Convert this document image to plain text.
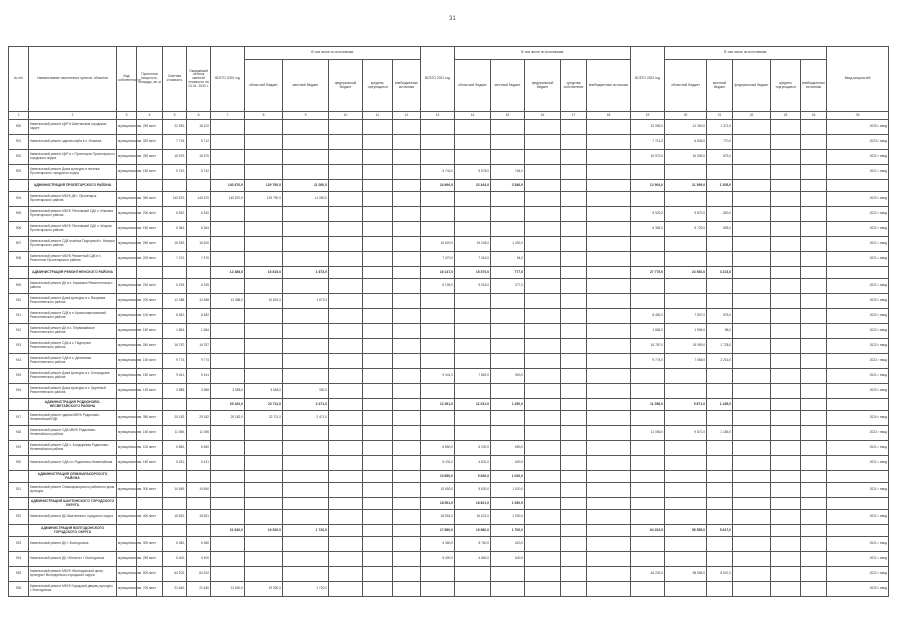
31
№ п/п	Наименование населенных пунктов, объектов	Вид собственности	Проектная мощность, площадь, кв. м	Сметная стоимость	Ожидаемый остаток сметной стоимости на 01.01. 2020 г.	ВСЕГО 2020 год	В том числе по источникам:					ВСЕГО 2021 год	В том числе по источникам:					ВСЕГО 2022 год	В том числе по источникам:					Ввод мощностей
							областной бюджет	местный бюджет	федеральный бюджет	кредиты, торгующиеся	внебюджетные источники		областной бюджет	местный бюджет	федеральный бюджет	средства собственные	внебюджетные источники		областной бюджет	местный бюджет	федеральный бюджет	кредиты торгующиеся	внебюджетные источники	
1	2	3	4	5	6	7	8	9	10	11	12	13	14	15	16	17	18	19	20	21	22	23	24	25
900	Капитальный ремонт ЦКР в Шахтинском городском округе	муниципальная	250 мест	22 952,	18 102													22 955,0	21 050,0	1 371,5				2025 г. ввод
901	Капитальный ремонт здания клуба в х. Ильинка	муниципальная	320 мест	7 715,	5 712													7 714,0	6 845,0	770,0				2023 г. ввод
902	Капитальный ремонт ЦКР в г. Пролетарск Пролетарского городского округа	муниципальная	250 мест	16 970,	16 970													16 970,0	16 095,0	875,0				2022 г. ввод
903	Капитальный ремонт Дома культуры в поселке Пролетарского городского округа	муниципальная	150 мест	5 742,	5 742							5 742,0	5 978,0	764,0										2021 г. ввод
	АДМИНИСТРАЦИЯ ПРОЛЕТАРСКОГО РАЙОНА					140 870,0	129 790,0	11 080,0				24 990,0	22 444,0	2 546,0				12 904,0	11 599,0	1 305,0				
904	Капитальный ремонт МБУК ДК г. Пролетарск Пролетарского района	муниципальная	350 мест	140 870,	140 870	140 870,0	129 790,0	11 080,0																2020 г. ввод
905	Капитальный ремонт МБУК Тёпловский СДК х. Ильинка Пролетарского района	муниципальная	200 мест	6 520,	6 520													6 520,0	5 870,0	650,0				2022 г. ввод
906	Капитальный ремонт МБУК Тёпловский СДК х. Мокрая Пролетарского района	муниципальная	150 мест	6 384,	6 384													6 384,0	5 729,0	655,0				2022 г. ввод
907	Капитальный ремонт СДК посёлка Подгорный х. Нагорье Пролетарского района	муниципальная	250 мест	16 520,	16 520							16 520,0	15 028,0	1 492,0										2021 г. ввод
908	Капитальный ремонт МБУК Ремонтный СДК в х. Ремонтное Пролетарского района	муниципальная	200 мест	7 470,	7 470							7 470,0	7 416,0	54,0										2021 г. ввод
	АДМИНИСТРАЦИЯ РЕМОНТНЕНСКОГО РАЙОНА					12 488,0	10 815,0	1 673,0				16 147,0	15 370,0	777,0				27 775,0	24 552,0	3 223,0				
909	Капитальный ремонт ДК в с. Кормовое Ремонтненского района	муниципальная	220 мест	6 195,	6 195							6 195,0	5 918,0	277,0										2021 г. ввод
910	Капитальный ремонт Дома культуры в с. Валуевка Ремонтненского района	муниципальная	200 мест	12 488,	12 488	12 488,0	10 815,0	1 673,0																2020 г. ввод
911	Капитальный ремонт СДК в п. Краснопартизанский Ремонтненского района	муниципальная	100 мест	8 482,	8 482													8 482,0	7 807,0	675,0				2022 г. ввод
912	Капитальный ремонт ДК в с. Первомайское Ремонтненского района	муниципальная	150 мест	1 684,	1 684													1 684,0	1 596,0	88,0				2022 г. ввод
913	Капитальный ремонт СДК в с. Подгорное Ремонтненского района	муниципальная	240 мест	16 787,	16 787													16 787,0	15 059,0	1 728,0				2022 г. ввод
914	Капитальный ремонт СДК в с. Денисовка Ремонтненского района	муниципальная	100 мест	9 774,	9 774													9 774,0	7 558,0	2 216,0				2022 г. ввод
915	Капитальный ремонт Дома культуры в с. Богородское Ремонтненского района	муниципальная	150 мест	9 441,	9 441							9 441,0	7 852,0	500,0										2021 г. ввод
916	Капитальный ремонт Дома культуры в х. Кручёный Ремонтненского района	муниципальная	120 мест	3 988,	3 988	3 988,0	3 658,0	330,0																2020 г. ввод
	АДМИНИСТРАЦИЯ РОДИОНОВО-НЕСВЕТАЙСКОГО РАЙОНА					25 182,0	22 711,0	2 471,0				12 281,0	11 031,0	1 250,0				11 056,0	9 871,0	1 185,0				
917	Капитальный ремонт здания МБУК Родионово-Несветайский РДК	муниципальная	350 мест	25 182,	25 182	25 182,0	22 711,0	2 471,0																2020 г. ввод
918	Капитальный ремонт СДК МБУК Родионово-Несветайского района	муниципальная	150 мест	11 056,	11 056													11 056,0	9 871,0	1 185,0				2022 г. ввод
919	Капитальный ремонт СДК х. Болдыревка Родионово-Несветайского района	муниципальная	100 мест	6 850,	6 850							6 850,0	6 200,0	650,0										2021 г. ввод
920	Капитальный ремонт СДК сл. Родионово-Несветайская	муниципальная	150 мест	5 431,	5 431							5 431,0	4 831,0	600,0										2021 г. ввод
	АДМИНИСТРАЦИЯ СЕМИКАРАКОРСКОГО РАЙОНА											10 650,0	9 630,0	1 020,0										
921	Капитальный ремонт Семикаракорского районного дома культуры	муниципальная	300 мест	10 650,	10 650							10 650,0	9 630,0	1 020,0										2021 г. ввод
	АДМИНИСТРАЦИЯ ШАХТИНСКОГО ГОРОДСКОГО ОКРУГА											18 551,0	16 621,0	1 930,0										
922	Капитальный ремонт ДК Шахтинского городского округа	муниципальная	400 мест	18 551,	18 551							18 551,0	16 621,0	1 930,0										2021 г. ввод
	АДМИНИСТРАЦИЯ ВОЛГОДОНСКОГО ГОРОДСКОГО ОКРУГА					21 640,0	19 920,0	1 720,0				17 680,0	15 980,0	1 700,0				64 202,0	58 555,0	5 647,0				
923	Капитальный ремонт ДК г. Волгодонска	муниципальная	300 мест	6 380,	6 380							6 380,0	5 760,0	620,0										2021 г. ввод
924	Капитальный ремонт ДК «Юность» г. Волгодонска	муниципальная	250 мест	5 400,	5 400							5 400,0	4 860,0	540,0										2021 г. ввод
925	Капитальный ремонт МБУК «Волгодонской центр культуры» Волгодонского городского округа	муниципальная	500 мест	64 202,	64 202													64 202,0	58 555,0	5 647,0				2022 г. ввод
926	Капитальный ремонт МБУК Городской дворец культуры г. Волгодонска	муниципальная	700 мест	21 640,	21 640	21 640,0	19 920,0	1 720,0																2020 г. ввод
